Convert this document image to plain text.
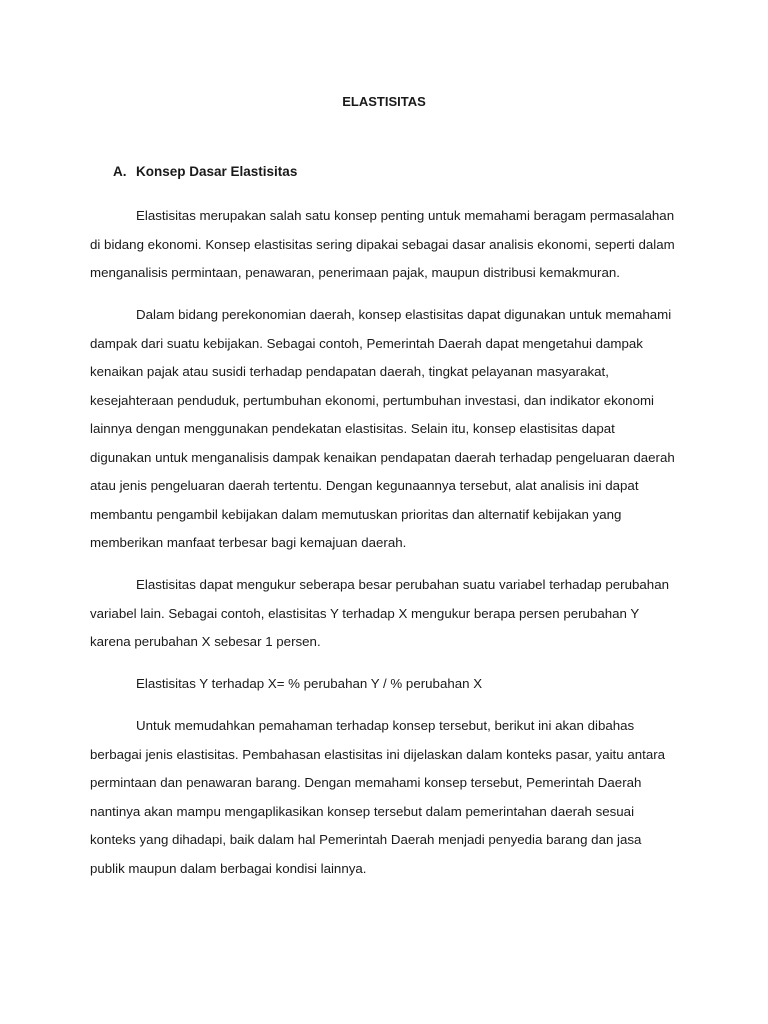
ELASTISITAS
A. Konsep Dasar Elastisitas

Elastisitas merupakan salah satu konsep penting untuk memahami beragam permasalahan di bidang ekonomi. Konsep elastisitas sering dipakai sebagai dasar analisis ekonomi, seperti dalam menganalisis permintaan, penawaran, penerimaan pajak, maupun distribusi kemakmuran.

Dalam bidang perekonomian daerah, konsep elastisitas dapat digunakan untuk memahami dampak dari suatu kebijakan. Sebagai contoh, Pemerintah Daerah dapat mengetahui dampak kenaikan pajak atau susidi terhadap pendapatan daerah, tingkat pelayanan masyarakat, kesejahteraan penduduk, pertumbuhan ekonomi, pertumbuhan investasi, dan indikator ekonomi lainnya dengan menggunakan pendekatan elastisitas. Selain itu, konsep elastisitas dapat digunakan untuk menganalisis dampak kenaikan pendapatan daerah terhadap pengeluaran daerah atau jenis pengeluaran daerah tertentu. Dengan kegunaannya tersebut, alat analisis ini dapat membantu pengambil kebijakan dalam memutuskan prioritas dan alternatif kebijakan yang memberikan manfaat terbesar bagi kemajuan daerah.

Elastisitas dapat mengukur seberapa besar perubahan suatu variabel terhadap perubahan variabel lain. Sebagai contoh, elastisitas Y terhadap X mengukur berapa persen perubahan Y karena perubahan X sebesar 1 persen.

Elastisitas Y terhadap X= % perubahan Y / % perubahan X

Untuk memudahkan pemahaman terhadap konsep tersebut, berikut ini akan dibahas berbagai jenis elastisitas. Pembahasan elastisitas ini dijelaskan dalam konteks pasar, yaitu antara permintaan dan penawaran barang. Dengan memahami konsep tersebut, Pemerintah Daerah nantinya akan mampu mengaplikasikan konsep tersebut dalam pemerintahan daerah sesuai konteks yang dihadapi, baik dalam hal Pemerintah Daerah menjadi penyedia barang dan jasa publik maupun dalam berbagai kondisi lainnya.
